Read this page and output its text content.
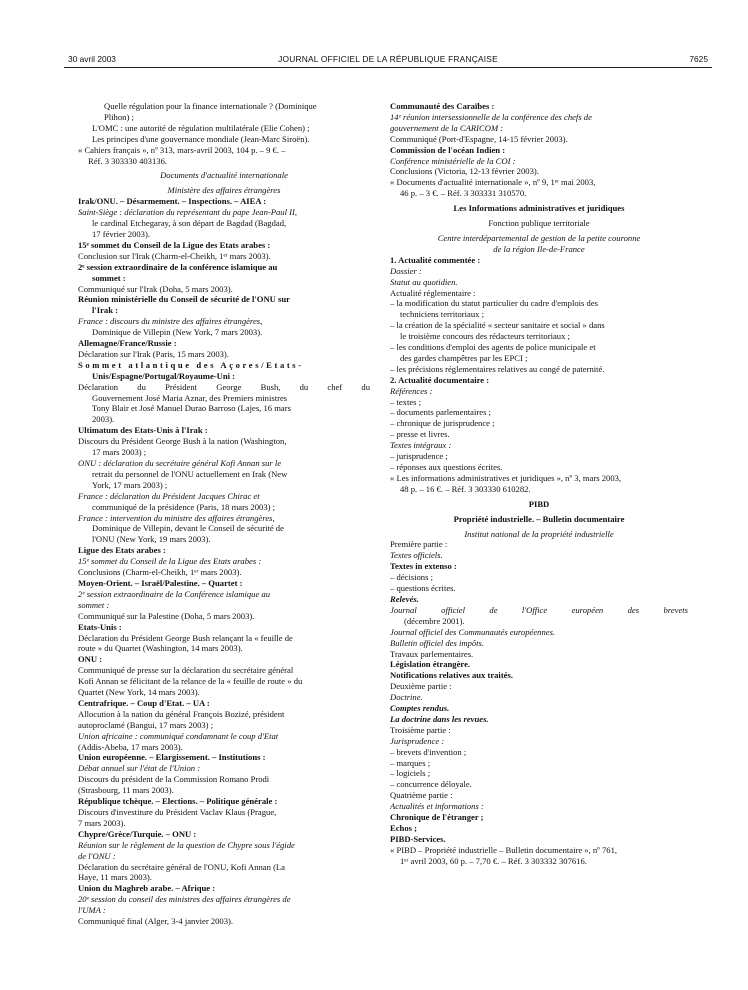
30 avril 2003	JOURNAL OFFICIEL DE LA RÉPUBLIQUE FRANÇAISE	7625
Quelle régulation pour la finance internationale ? (Dominique
Plihon) ;
L'OMC : une autorité de régulation multilatérale (Elie Cohen) ;
Les principes d'une gouvernance mondiale (Jean-Marc Siroën).
« Cahiers français », nº 313, mars-avril 2003, 104 p. – 9 €. –
Réf. 3 303330 403136.
Documents d'actualité internationale
Ministère des affaires étrangères
Irak/ONU. – Désarmement. – Inspections. – AIEA :
Saint-Siège : déclaration du représentant du pape Jean-Paul II,
le cardinal Etchegaray, à son départ de Bagdad (Bagdad,
17 février 2003).
15ᵉ sommet du Conseil de la Ligue des Etats arabes :
Conclusion sur l'Irak (Charm-el-Cheikh, 1ᵉʳ mars 2003).
2ᵉ session extraordinaire de la conférence islamique au
sommet :
Communiqué sur l'Irak (Doha, 5 mars 2003).
Réunion ministérielle du Conseil de sécurité de l'ONU sur
l'Irak :
France : discours du ministre des affaires étrangères,
Dominique de Villepin (New York, 7 mars 2003).
Allemagne/France/Russie :
Déclaration sur l'Irak (Paris, 15 mars 2003).
Sommet atlantique des Açores/Etats-
Unis/Espagne/Portugal/Royaume-Uni :
Déclaration du Président George Bush, du chef du
Gouvernement José Maria Aznar, des Premiers ministres
Tony Blair et José Manuel Durao Barroso (Lajes, 16 mars
2003).
Ultimatum des Etats-Unis à l'Irak :
Discours du Président George Bush à la nation (Washington,
17 mars 2003) ;
ONU : déclaration du secrétaire général Kofi Annan sur le
retrait du personnel de l'ONU actuellement en Irak (New
York, 17 mars 2003) ;
France : déclaration du Président Jacques Chirac et
communiqué de la présidence (Paris, 18 mars 2003) ;
France : intervention du ministre des affaires étrangères,
Dominique de Villepin, devant le Conseil de sécurité de
l'ONU (New York, 19 mars 2003).
Ligue des Etats arabes :
15ᵉ sommet du Conseil de la Ligue des Etats arabes :
Conclusions (Charm-el-Cheikh, 1ᵉʳ mars 2003).
Moyen-Orient. – Israël/Palestine. – Quartet :
2ᵉ session extraordinaire de la Conférence islamique au
sommet :
Communiqué sur la Palestine (Doha, 5 mars 2003).
Etats-Unis :
Déclaration du Président George Bush relançant la « feuille de
route » du Quartet (Washington, 14 mars 2003).
ONU :
Communiqué de presse sur la déclaration du secrétaire général
Kofi Annan se félicitant de la relance de la « feuille de route » du
Quartet (New York, 14 mars 2003).
Centrafrique. – Coup d'Etat. – UA :
Allocution à la nation du général François Bozizé, président
autoproclamé (Bangui, 17 mars 2003) ;
Union africaine : communiqué condamnant le coup d'Etat
(Addis-Abeba, 17 mars 2003).
Union européenne. – Elargissement. – Institutions :
Débat annuel sur l'état de l'Union :
Discours du président de la Commission Romano Prodi
(Strasbourg, 11 mars 2003).
République tchèque. – Elections. – Politique générale :
Discours d'investiture du Président Vaclav Klaus (Prague,
7 mars 2003).
Chypre/Grèce/Turquie. – ONU :
Réunion sur le règlement de la question de Chypre sous l'égide
de l'ONU :
Déclaration du secrétaire général de l'ONU, Kofi Annan (La
Haye, 11 mars 2003).
Union du Maghreb arabe. – Afrique :
20ᵉ session du conseil des ministres des affaires étrangères de
l'UMA :
Communiqué final (Alger, 3-4 janvier 2003).
Communauté des Caraïbes :
14ᵉ réunion intersessionnelle de la conférence des chefs de
gouvernement de la CARICOM :
Communiqué (Port-d'Espagne, 14-15 février 2003).
Commission de l'océan Indien :
Conférence ministérielle de la COI :
Conclusions (Victoria, 12-13 février 2003).
« Documents d'actualité internationale », nº 9, 1ᵉʳ mai 2003,
46 p. – 3 €. – Réf. 3 303331 310570.
Les Informations administratives et juridiques
Fonction publique territoriale
Centre interdépartemental de gestion de la petite couronne
de la région Ile-de-France
1. Actualité commentée :
Dossier :
Statut au quotidien.
Actualité réglementaire :
– la modification du statut particulier du cadre d'emplois des
techniciens territoriaux ;
– la création de la spécialité « secteur sanitaire et social » dans
le troisième concours des rédacteurs territoriaux ;
– les conditions d'emploi des agents de police municipale et
des gardes champêtres par les EPCI ;
– les précisions réglementaires relatives au congé de paternité.
2. Actualité documentaire :
Références :
– textes ;
– documents parlementaires ;
– chronique de jurisprudence ;
– presse et livres.
Textes intégraux :
– jurisprudence ;
– réponses aux questions écrites.
« Les informations administratives et juridiques », nº 3, mars 2003,
48 p. – 16 €. – Réf. 3 303330 610282.
PIBD
Propriété industrielle. – Bulletin documentaire
Institut national de la propriété industrielle
Première partie :
Textes officiels.
Textes in extenso :
– décisions ;
– questions écrites.
Relevés.
Journal officiel de l'Office européen des brevets
(décembre 2001).
Journal officiel des Communautés européennes.
Bulletin officiel des impôts.
Travaux parlementaires.
Législation étrangère.
Notifications relatives aux traités.
Deuxième partie :
Doctrine.
Comptes rendus.
La doctrine dans les revues.
Troisième partie :
Jurisprudence :
– brevets d'invention ;
– marques ;
– logiciels ;
– concurrence déloyale.
Quatrième partie :
Actualités et informations :
Chronique de l'étranger ;
Echos ;
PIBD-Services.
« PIBD – Propriété industrielle – Bulletin documentaire », nº 761,
1ᵉʳ avril 2003, 60 p. – 7,70 €. – Réf. 3 303332 307616.
